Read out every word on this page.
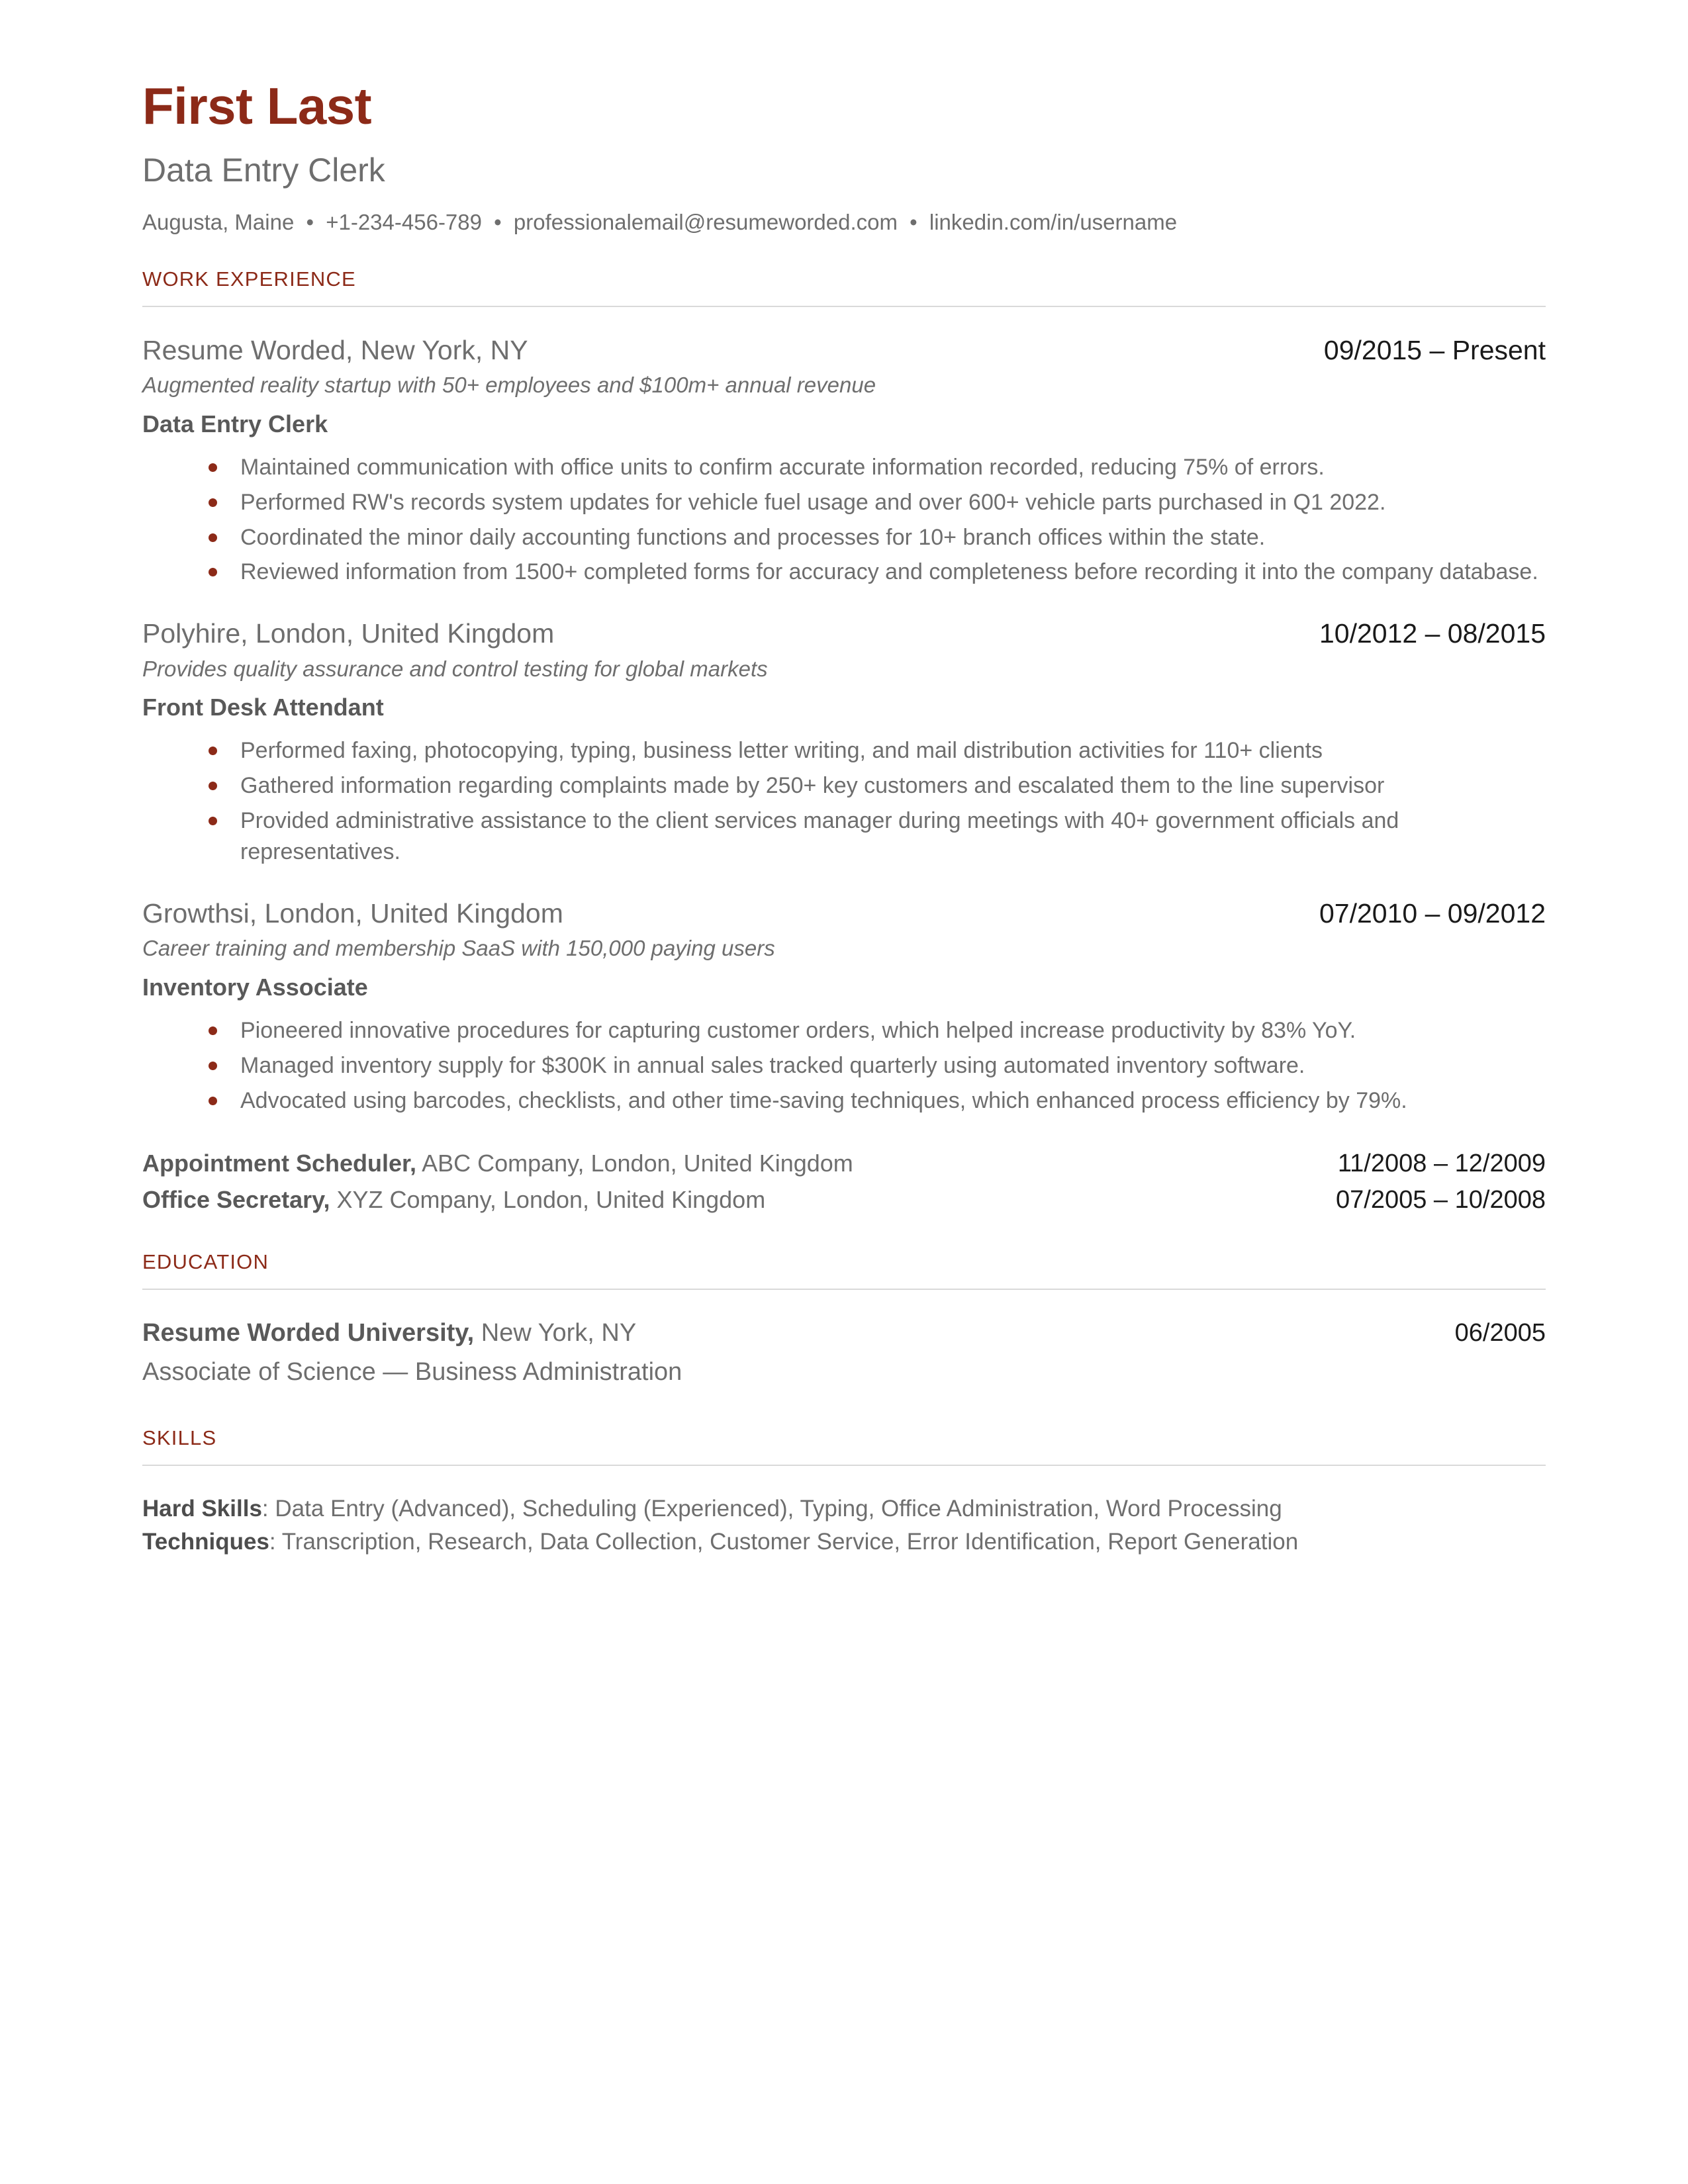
First Last
Data Entry Clerk
Augusta, Maine • +1-234-456-789 • professionalemail@resumeworded.com • linkedin.com/in/username
WORK EXPERIENCE
Resume Worded, New York, NY	09/2015 – Present
Augmented reality startup with 50+ employees and $100m+ annual revenue
Data Entry Clerk
Maintained communication with office units to confirm accurate information recorded, reducing 75% of errors.
Performed RW's records system updates for vehicle fuel usage and over 600+ vehicle parts purchased in Q1 2022.
Coordinated the minor daily accounting functions and processes for 10+ branch offices within the state.
Reviewed information from 1500+ completed forms for accuracy and completeness before recording it into the company database.
Polyhire, London, United Kingdom	10/2012 – 08/2015
Provides quality assurance and control testing for global markets
Front Desk Attendant
Performed faxing, photocopying, typing, business letter writing, and mail distribution activities for 110+ clients
Gathered information regarding complaints made by 250+ key customers and escalated them to the line supervisor
Provided administrative assistance to the client services manager during meetings with 40+ government officials and representatives.
Growthsi, London, United Kingdom	07/2010 – 09/2012
Career training and membership SaaS with 150,000 paying users
Inventory Associate
Pioneered innovative procedures for capturing customer orders, which helped increase productivity by 83% YoY.
Managed inventory supply for $300K in annual sales tracked quarterly using automated inventory software.
Advocated using barcodes, checklists, and other time-saving techniques, which enhanced process efficiency by 79%.
Appointment Scheduler, ABC Company, London, United Kingdom	11/2008 – 12/2009
Office Secretary, XYZ Company, London, United Kingdom	07/2005 – 10/2008
EDUCATION
Resume Worded University, New York, NY	06/2005
Associate of Science — Business Administration
SKILLS
Hard Skills: Data Entry (Advanced), Scheduling (Experienced), Typing, Office Administration, Word Processing
Techniques: Transcription, Research, Data Collection, Customer Service, Error Identification, Report Generation
